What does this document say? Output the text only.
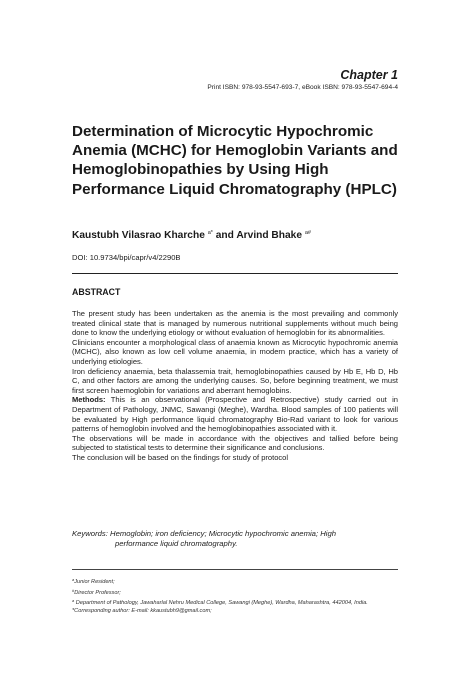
Chapter 1
Print ISBN: 978-93-5547-693-7, eBook ISBN: 978-93-5547-694-4
Determination of Microcytic Hypochromic Anemia (MCHC) for Hemoglobin Variants and Hemoglobinopathies by Using High Performance Liquid Chromatography (HPLC)
Kaustubh Vilasrao Kharche $^{a*}$ and Arvind Bhake $^{a\#}$
DOI: 10.9734/bpi/capr/v4/2290B
ABSTRACT

The present study has been undertaken as the anemia is the most prevailing and commonly treated clinical state that is managed by numerous nutritional supplements without much being done to know the underlying etiology or without evaluation of hemoglobin for its abnormalities.

Clinicians encounter a morphological class of anaemia known as Microcytic hypochromic anemia (MCHC), also known as low cell volume anaemia, in modern practice, which has a variety of underlying etiologies.

Iron deficiency anaemia, beta thalassemia trait, hemoglobinopathies caused by Hb E, Hb D, Hb C, and other factors are among the underlying causes. So, before beginning treatment, we must first screen haemoglobin for variations and aberrant hemoglobins.

Methods: This is an observational (Prospective and Retrospective) study carried out in Department of Pathology, JNMC, Sawangi (Meghe), Wardha. Blood samples of 100 patients will be evaluated by High performance liquid chromatography Bio-Rad variant to look for various patterns of hemoglobin involved and the hemoglobinopathies associated with it.

The observations will be made in accordance with the objectives and tallied before being subjected to statistical tests to determine their significance and conclusions.

The conclusion will be based on the findings for study of protocol

Keywords: Hemoglobin; iron deficiency; Microcytic hypochromic anemia; High
performance liquid chromatography.

$^a$Junior Resident;

#Director Professor;

$^a$ Department of Pathology, Jawaharlal Nehru Medical College, Sawangi (Meghe), Wardha, Maharashtra, 442004, India.

*Corresponding author: E-mail: kkaustubh9@gmail.com;
